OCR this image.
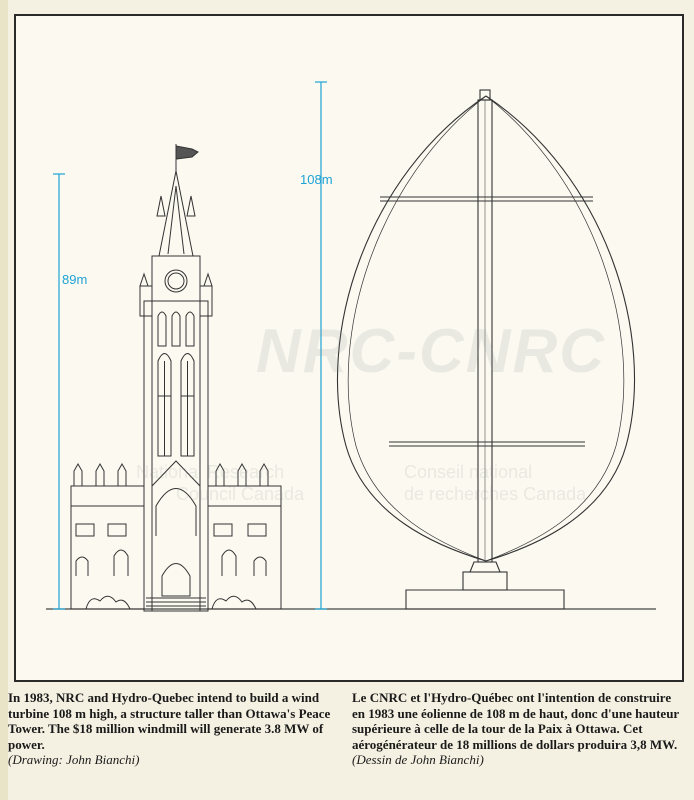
89m
108m
NRC-CNRC
National Research
Council Canada
Conseil national
de recherches Canada
In 1983, NRC and Hydro-Quebec intend to build a wind turbine 108 m high, a structure taller than Ottawa's Peace Tower. The $18 million windmill will generate 3.8 MW of power.
(Drawing: John Bianchi)
Le CNRC et l'Hydro-Québec ont l'intention de construire en 1983 une éolienne de 108 m de haut, donc d'une hauteur supérieure à celle de la tour de la Paix à Ottawa. Cet aérogénérateur de 18 millions de dollars produira 3,8 MW.
(Dessin de John Bianchi)
